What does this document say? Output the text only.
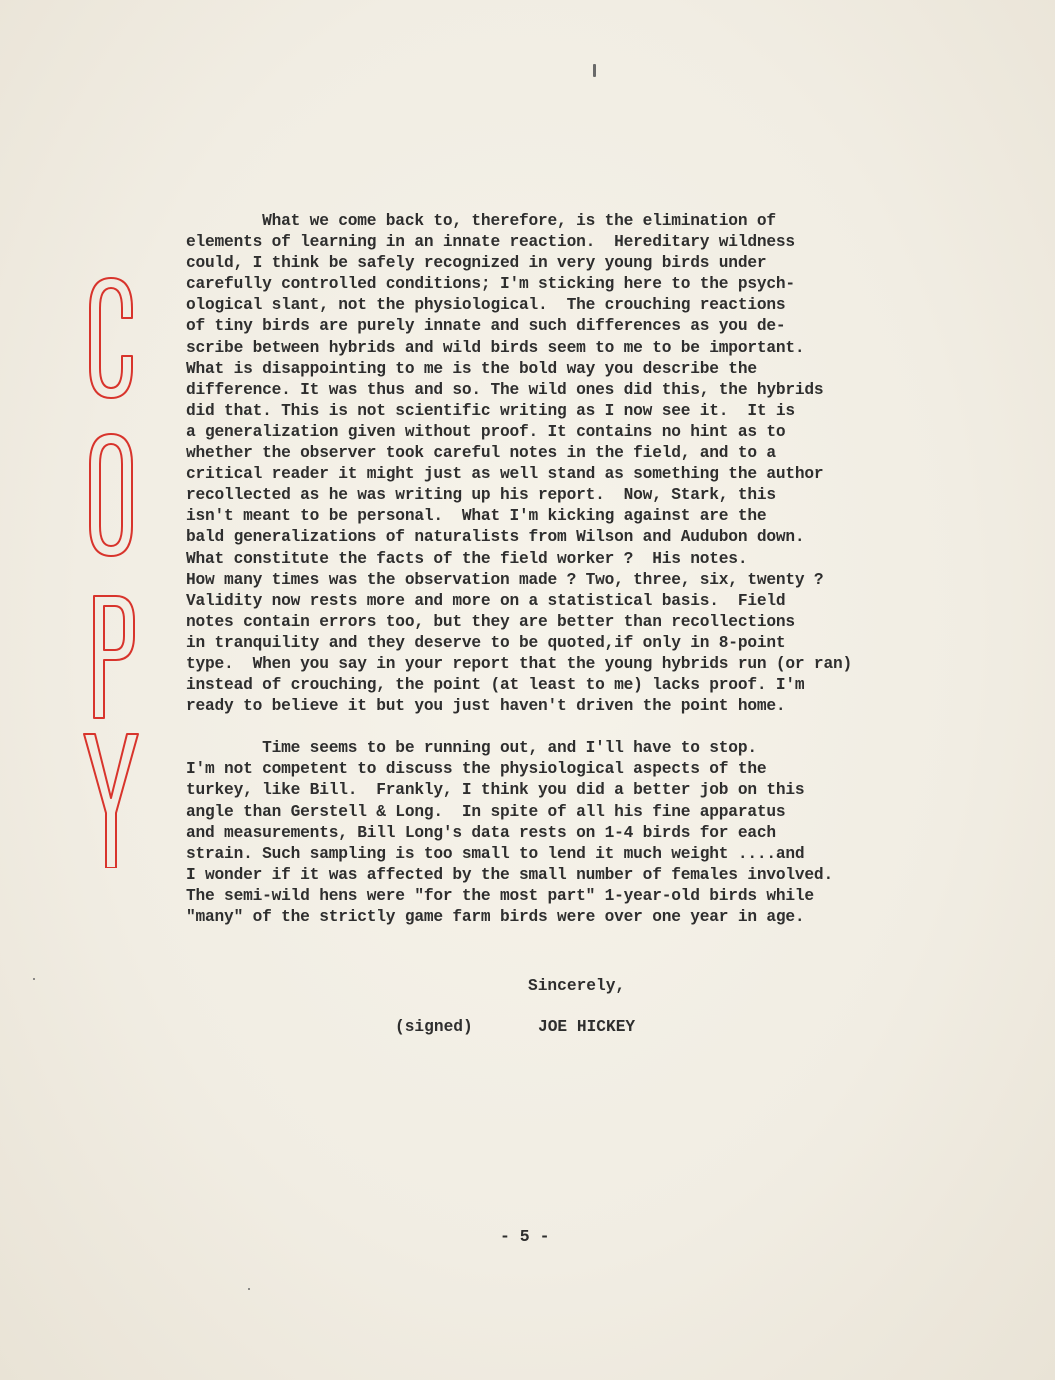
What we come back to, therefore, is the elimination of
elements of learning in an innate reaction.  Hereditary wildness
could, I think be safely recognized in very young birds under
carefully controlled conditions; I'm sticking here to the psych-
ological slant, not the physiological.  The crouching reactions
of tiny birds are purely innate and such differences as you de-
scribe between hybrids and wild birds seem to me to be important.
What is disappointing to me is the bold way you describe the
difference. It was thus and so. The wild ones did this, the hybrids
did that. This is not scientific writing as I now see it.  It is
a generalization given without proof. It contains no hint as to
whether the observer took careful notes in the field, and to a
critical reader it might just as well stand as something the author
recollected as he was writing up his report.  Now, Stark, this
isn't meant to be personal.  What I'm kicking against are the
bald generalizations of naturalists from Wilson and Audubon down.
What constitute the facts of the field worker ?  His notes.
How many times was the observation made ? Two, three, six, twenty ?
Validity now rests more and more on a statistical basis.  Field
notes contain errors too, but they are better than recollections
in tranquility and they deserve to be quoted,if only in 8-point
type.  When you say in your report that the young hybrids run (or ran)
instead of crouching, the point (at least to me) lacks proof. I'm
ready to believe it but you just haven't driven the point home.
Time seems to be running out, and I'll have to stop.
I'm not competent to discuss the physiological aspects of the
turkey, like Bill.  Frankly, I think you did a better job on this
angle than Gerstell & Long.  In spite of all his fine apparatus
and measurements, Bill Long's data rests on 1-4 birds for each
strain. Such sampling is too small to lend it much weight ....and
I wonder if it was affected by the small number of females involved.
The semi-wild hens were "for the most part" 1-year-old birds while
"many" of the strictly game farm birds were over one year in age.
Sincerely,
(signed)	JOE HICKEY
- 5 -
